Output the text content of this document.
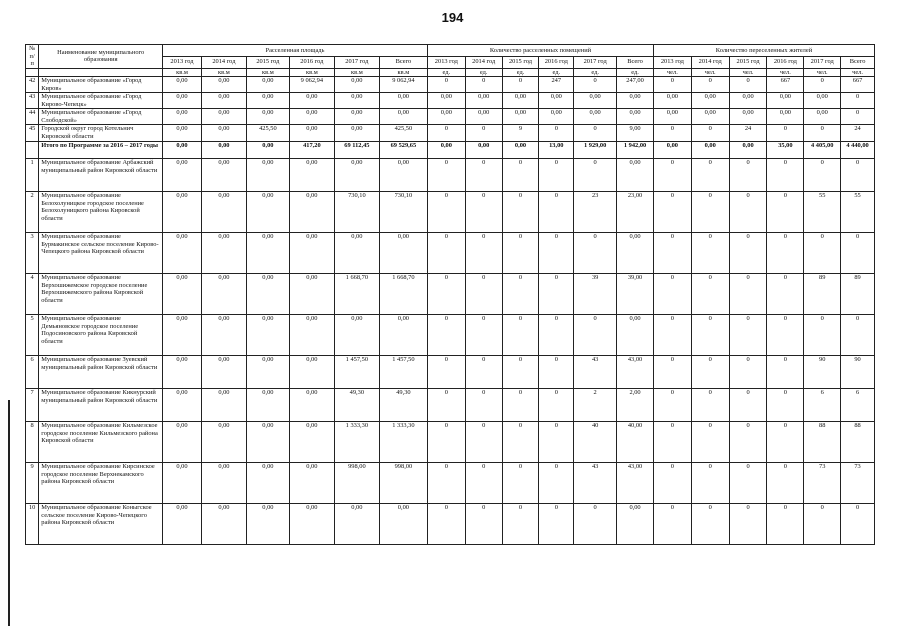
194
№ п/п	Наименование муниципального образования	Расселенная площадь						Количество расселенных помещений						Количество переселенных жителей					
		2013 год	2014 год	2015 год	2016 год	2017 год	Всего	2013 год	2014 год	2015 год	2016 год	2017 год	Всего	2013 год	2014 год	2015 год	2016 год	2017 год	Всего
		кв.м	кв.м	кв.м	кв.м	кв.м	кв.м	ед.	ед.	ед.	ед.	ед.	ед.	чел.	чел.	чел.	чел.	чел.	чел.
42	Муниципальное образование «Город Киров»	0,00	0,00	0,00	9 062,94	0,00	9 062,94	0	0	0	247	0	247,00	0	0	0	667	0	667
43	Муниципальное образование «Город Кирово-Чепецк»	0,00	0,00	0,00	0,00	0,00	0,00	0,00	0,00	0,00	0,00	0,00	0,00	0,00	0,00	0,00	0,00	0,00	0
44	Муниципальное образование «Город Слободской»	0,00	0,00	0,00	0,00	0,00	0,00	0,00	0,00	0,00	0,00	0,00	0,00	0,00	0,00	0,00	0,00	0,00	0
45	Городской округ город Котельнич Кировской области	0,00	0,00	425,50	0,00	0,00	425,50	0	0	9	0	0	9,00	0	0	24	0	0	24
	Итого по Программе за 2016 – 2017 годы	0,00	0,00	0,00	417,20	69 112,45	69 529,65	0,00	0,00	0,00	13,00	1 929,00	1 942,00	0,00	0,00	0,00	35,00	4 405,00	4 440,00
1	Муниципальное образование Арбажский муниципальный район Кировской области	0,00	0,00	0,00	0,00	0,00	0,00	0	0	0	0	0	0,00	0	0	0	0	0	0
2	Муниципальное образование Белохолуницкое городское поселение Белохолуницкого района Кировской области	0,00	0,00	0,00	0,00	730,10	730,10	0	0	0	0	23	23,00	0	0	0	0	55	55
3	Муниципальное образование Бурмакинское сельское поселение Кирово-Чепецкого района Кировской области	0,00	0,00	0,00	0,00	0,00	0,00	0	0	0	0	0	0,00	0	0	0	0	0	0
4	Муниципальное образование Верхошижемское городское поселение Верхошижемского района Кировской области	0,00	0,00	0,00	0,00	1 668,70	1 668,70	0	0	0	0	39	39,00	0	0	0	0	89	89
5	Муниципальное образование Демьяновское городское поселение Подосиновского района Кировской области	0,00	0,00	0,00	0,00	0,00	0,00	0	0	0	0	0	0,00	0	0	0	0	0	0
6	Муниципальное образование Зуевский муниципальный район Кировской области	0,00	0,00	0,00	0,00	1 457,50	1 457,50	0	0	0	0	43	43,00	0	0	0	0	90	90
7	Муниципальное образование Кикнурский муниципальный район Кировской области	0,00	0,00	0,00	0,00	49,30	49,30	0	0	0	0	2	2,00	0	0	0	0	6	6
8	Муниципальное образование Кильмезское городское поселение Кильмезского района Кировской области	0,00	0,00	0,00	0,00	1 333,30	1 333,30	0	0	0	0	40	40,00	0	0	0	0	88	88
9	Муниципальное образование Кирсинское городское поселение Верхнекамского района Кировской области	0,00	0,00	0,00	0,00	998,00	998,00	0	0	0	0	43	43,00	0	0	0	0	73	73
10	Муниципальное образование Коныгское сельское поселение Кирово-Чепецкого района Кировской области	0,00	0,00	0,00	0,00	0,00	0,00	0	0	0	0	0	0,00	0	0	0	0	0	0
